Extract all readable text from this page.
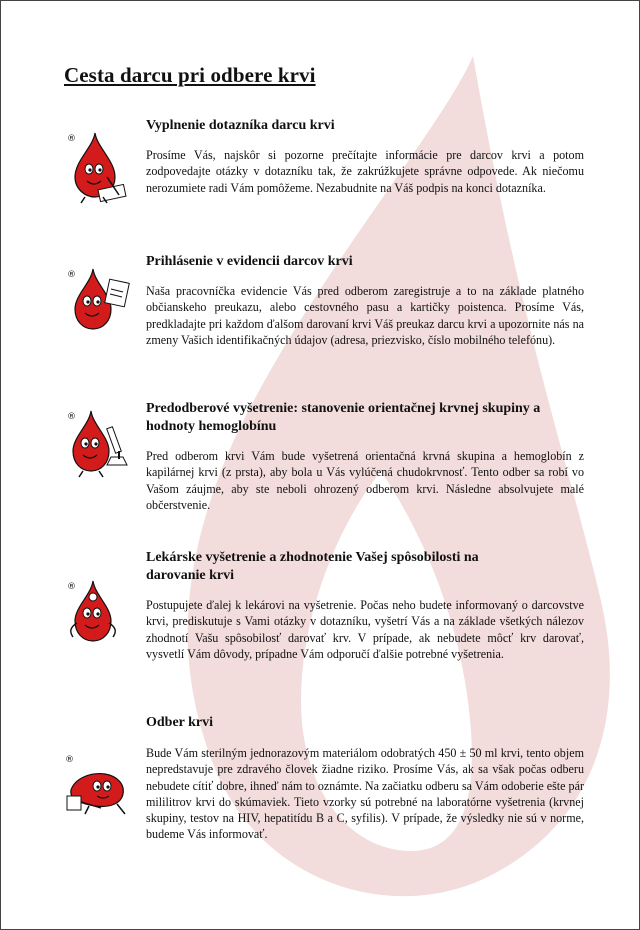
Cesta darcu pri odbere krvi
®
Vyplnenie dotazníka darcu krvi

Prosíme Vás, najskôr si pozorne prečítajte informácie pre darcov krvi a potom zodpovedajte otázky v dotazníku tak, že zakrúžkujete správne odpovede. Ak niečomu nerozumiete radi Vám pomôžeme. Nezabudnite na Váš podpis na konci dotazníka.

®
Prihlásenie v evidencii darcov krvi

Naša pracovníčka evidencie Vás pred odberom zaregistruje a to na základe platného občianskeho preukazu, alebo cestovného pasu a kartičky poistenca. Prosíme Vás, predkladajte pri každom ďalšom darovaní krvi Váš preukaz darcu krvi a upozornite nás na zmeny Vašich identifikačných údajov (adresa, priezvisko, číslo mobilného telefónu).

®
Predodberové vyšetrenie: stanovenie orientačnej krvnej skupiny a hodnoty hemoglobínu

Pred odberom krvi Vám bude vyšetrená orientačná krvná skupina a hemoglobín z kapilárnej krvi (z prsta), aby bola u Vás vylúčená chudokrvnosť. Tento odber sa robí vo Vašom záujme, aby ste neboli ohrozený odberom krvi. Následne absolvujete malé občerstvenie.

®
Lekárske vyšetrenie a zhodnotenie Vašej spôsobilosti na darovanie krvi

Postupujete ďalej k lekárovi na vyšetrenie. Počas neho budete informovaný o darcovstve krvi, prediskutuje s Vami otázky v dotazníku, vyšetrí Vás a na základe všetkých nálezov zhodnotí Vašu spôsobilosť darovať krv. V prípade, ak nebudete môcť krv darovať, vysvetlí Vám dôvody, prípadne Vám odporučí ďalšie potrebné vyšetrenia.

®
Odber krvi

Bude Vám sterilným jednorazovým materiálom odobratých 450 ± 50 ml krvi, tento objem nepredstavuje pre zdravého človek žiadne riziko. Prosíme Vás, ak sa však počas odberu nebudete cítiť dobre, ihneď nám to oznámte. Na začiatku odberu sa Vám odoberie ešte pár mililitrov krvi do skúmaviek. Tieto vzorky sú potrebné na laboratórne vyšetrenia (krvnej skupiny, testov na HIV, hepatitídu B a C, syfilis). V prípade, že výsledky nie sú v norme, budeme Vás informovať.
